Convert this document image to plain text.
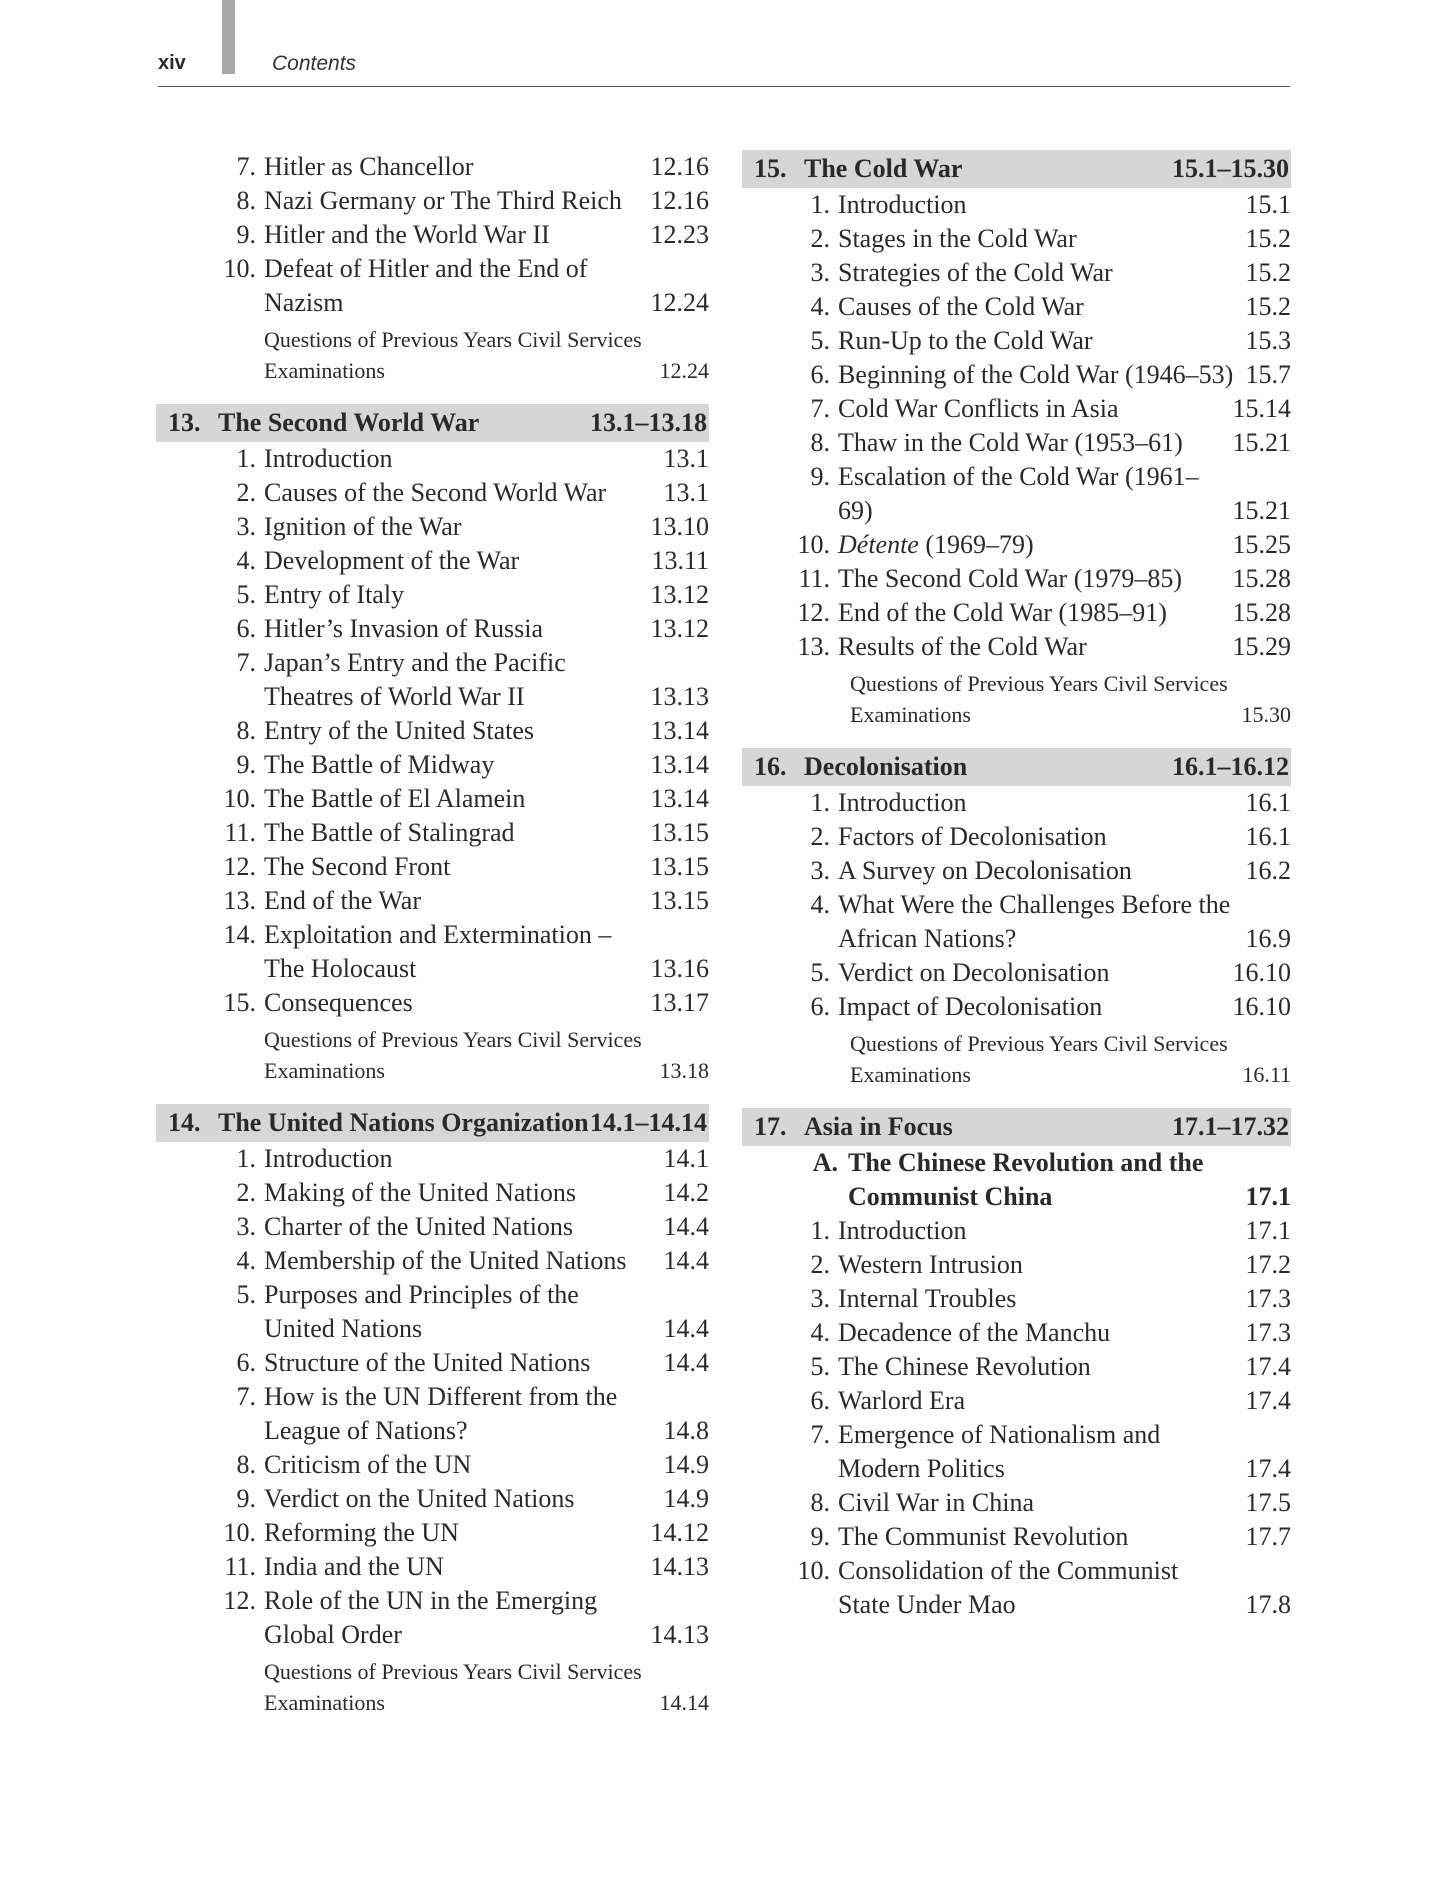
xiv	Contents
7. Hitler as Chancellor	12.16
8. Nazi Germany or The Third Reich	12.16
9. Hitler and the World War II	12.23
10. Defeat of Hitler and the End of Nazism	12.24
Questions of Previous Years Civil Services Examinations	12.24
13. The Second World War	13.1–13.18
1. Introduction	13.1
2. Causes of the Second World War	13.1
3. Ignition of the War	13.10
4. Development of the War	13.11
5. Entry of Italy	13.12
6. Hitler’s Invasion of Russia	13.12
7. Japan’s Entry and the Pacific Theatres of World War II	13.13
8. Entry of the United States	13.14
9. The Battle of Midway	13.14
10. The Battle of El Alamein	13.14
11. The Battle of Stalingrad	13.15
12. The Second Front	13.15
13. End of the War	13.15
14. Exploitation and Extermination – The Holocaust	13.16
15. Consequences	13.17
Questions of Previous Years Civil Services Examinations	13.18
14. The United Nations Organization 14.1–14.14
1. Introduction	14.1
2. Making of the United Nations	14.2
3. Charter of the United Nations	14.4
4. Membership of the United Nations	14.4
5. Purposes and Principles of the United Nations	14.4
6. Structure of the United Nations	14.4
7. How is the UN Different from the League of Nations?	14.8
8. Criticism of the UN	14.9
9. Verdict on the United Nations	14.9
10. Reforming the UN	14.12
11. India and the UN	14.13
12. Role of the UN in the Emerging Global Order	14.13
Questions of Previous Years Civil Services Examinations	14.14
15. The Cold War	15.1–15.30
1. Introduction	15.1
2. Stages in the Cold War	15.2
3. Strategies of the Cold War	15.2
4. Causes of the Cold War	15.2
5. Run-Up to the Cold War	15.3
6. Beginning of the Cold War (1946–53) 15.7
7. Cold War Conflicts in Asia	15.14
8. Thaw in the Cold War (1953–61)	15.21
9. Escalation of the Cold War (1961–69)	15.21
10. Détente (1969–79)	15.25
11. The Second Cold War (1979–85)	15.28
12. End of the Cold War (1985–91)	15.28
13. Results of the Cold War	15.29
Questions of Previous Years Civil Services Examinations	15.30
16. Decolonisation	16.1–16.12
1. Introduction	16.1
2. Factors of Decolonisation	16.1
3. A Survey on Decolonisation	16.2
4. What Were the Challenges Before the African Nations?	16.9
5. Verdict on Decolonisation	16.10
6. Impact of Decolonisation	16.10
Questions of Previous Years Civil Services Examinations	16.11
17. Asia in Focus	17.1–17.32
A. The Chinese Revolution and the Communist China	17.1
1. Introduction	17.1
2. Western Intrusion	17.2
3. Internal Troubles	17.3
4. Decadence of the Manchu	17.3
5. The Chinese Revolution	17.4
6. Warlord Era	17.4
7. Emergence of Nationalism and Modern Politics	17.4
8. Civil War in China	17.5
9. The Communist Revolution	17.7
10. Consolidation of the Communist State Under Mao	17.8
